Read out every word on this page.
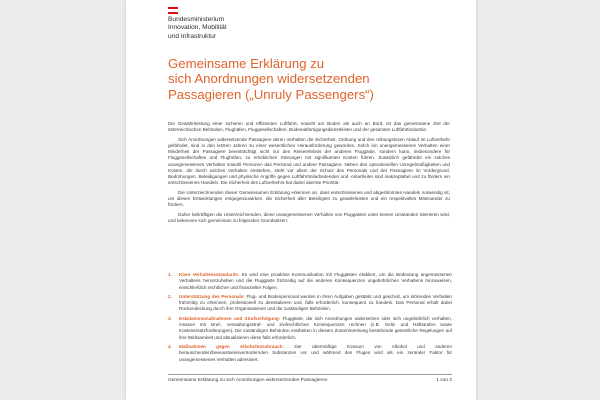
Bundesministerium
Innovation, Mobilität
und Infrastruktur
Gemeinsame Erklärung zu
sich Anordnungen widersetzenden
Passagieren („Unruly Passengers“)

Die Gewährleistung einer sicheren und effizienten Luftfahrt, sowohl am Boden als auch an Bord, ist das gemeinsame Ziel der österreichischen Behörden, Flughäfen, Fluggesellschaften, Bodenabfertigungsdienstleister und der gesamten Luftfahrtindustrie.

Sich Anordnungen widersetzende Passagiere deren Verhalten die Sicherheit, Ordnung und den reibungslosen Ablauf im Luftverkehr gefährdet, sind in den letzten Jahren zu einer wesentlichen Herausforderung geworden. Solch ein unangemessenes Verhalten einer Minderheit der Passagiere beeinträchtigt nicht nur den Reiseerlebnis der anderen Fluggäste, sondern kann, insbesondere für Fluggesellschaften und Flughäfen, zu erheblichen Störungen mit signifikanten Kosten führen. Zusätzlich gefährdet ein solches unangemessenes Verhalten sowohl Personen das Personal und andere Passagiere. Neben den operationellen Unregelmäßigkeiten und Kosten, die durch solches Verhalten entstehen, steht vor allem der Schutz des Personals und der Passagiere im Vordergrund. Bedrohungen, Beleidigungen und physische Angriffe gegen Luftfahrtmitarbeitenden und -mitarbeiter sind inakzeptabel und zu fördern ein entschlossenes Handeln. Die Sicherheit des Luftverkehrs hat dabei oberste Priorität.

Die Unterzeichnenden dieser Gemeinsamen Erklärung erkennen an, dass entschlossenes und abgestimmtes Handeln notwendig ist, um diesen Entwicklungen entgegenzuwirken, die Sicherheit aller Beteiligten zu gewährleisten und ein respektvolles Miteinander zu fördern.

Daher bekräftigen die Unterzeichnenden, diese unangemessenen Verhalten von Fluggästen unter keinen Umständen tolerieren wird, und bekennen sich gemeinsam zu folgenden Grundsätzen:

1. Klare Verhaltensstandards: Es wird eine proaktive Kommunikation mit Fluggästen etabliert, um die Bedeutung angemessenen Verhaltens hervorzuheben und die Fluggäste frühzeitig auf die anderen Konsequenzen ungebührlichen Verhaltens hinzuweisen, einschließlich rechtlicher und finanzieller Folgen.
2. Unterstützung des Personals: Flug- und Bodenpersonal werden in ihren Aufgaben gestärkt und geschult, um störendes Verhalten frühzeitig zu erkennen, professionell zu deeskalieren und, falls erforderlich, konsequent zu handeln. Das Personal erhält dabei Rückendeckung durch ihre Organisationen und die zuständigen Behörden.
3. Eskalationsmaßnahmen und Strafverfolgung: Fluggäste, die sich Anordnungen widersetzen oder sich ungebührlich verhalten, müssen mit straf-, verwaltungsstraf- und zivilrechtlichen Konsequenzen rechnen (z.B. Geld- und Haftstrafen sowie Kostenersatzforderungen). Die zuständigen Behörden erarbeiten in diesem Zusammenhang bestehende gesetzliche Regelungen auf ihre Wirksamkeit und aktualisieren diese falls erforderlich.
4. Maßnahmen gegen Alkoholmissbrauch: Der übermäßige Konsum von Alkohol und anderen berauschenden/bewusstseinsverändernden Substanzen vor und während des Fluges wird als ein zentraler Faktor für unangemessenes Verhalten adressiert.
Gemeinsame Erklärung zu sich Anordnungen widersetzenden Passagieren	1 von 2
